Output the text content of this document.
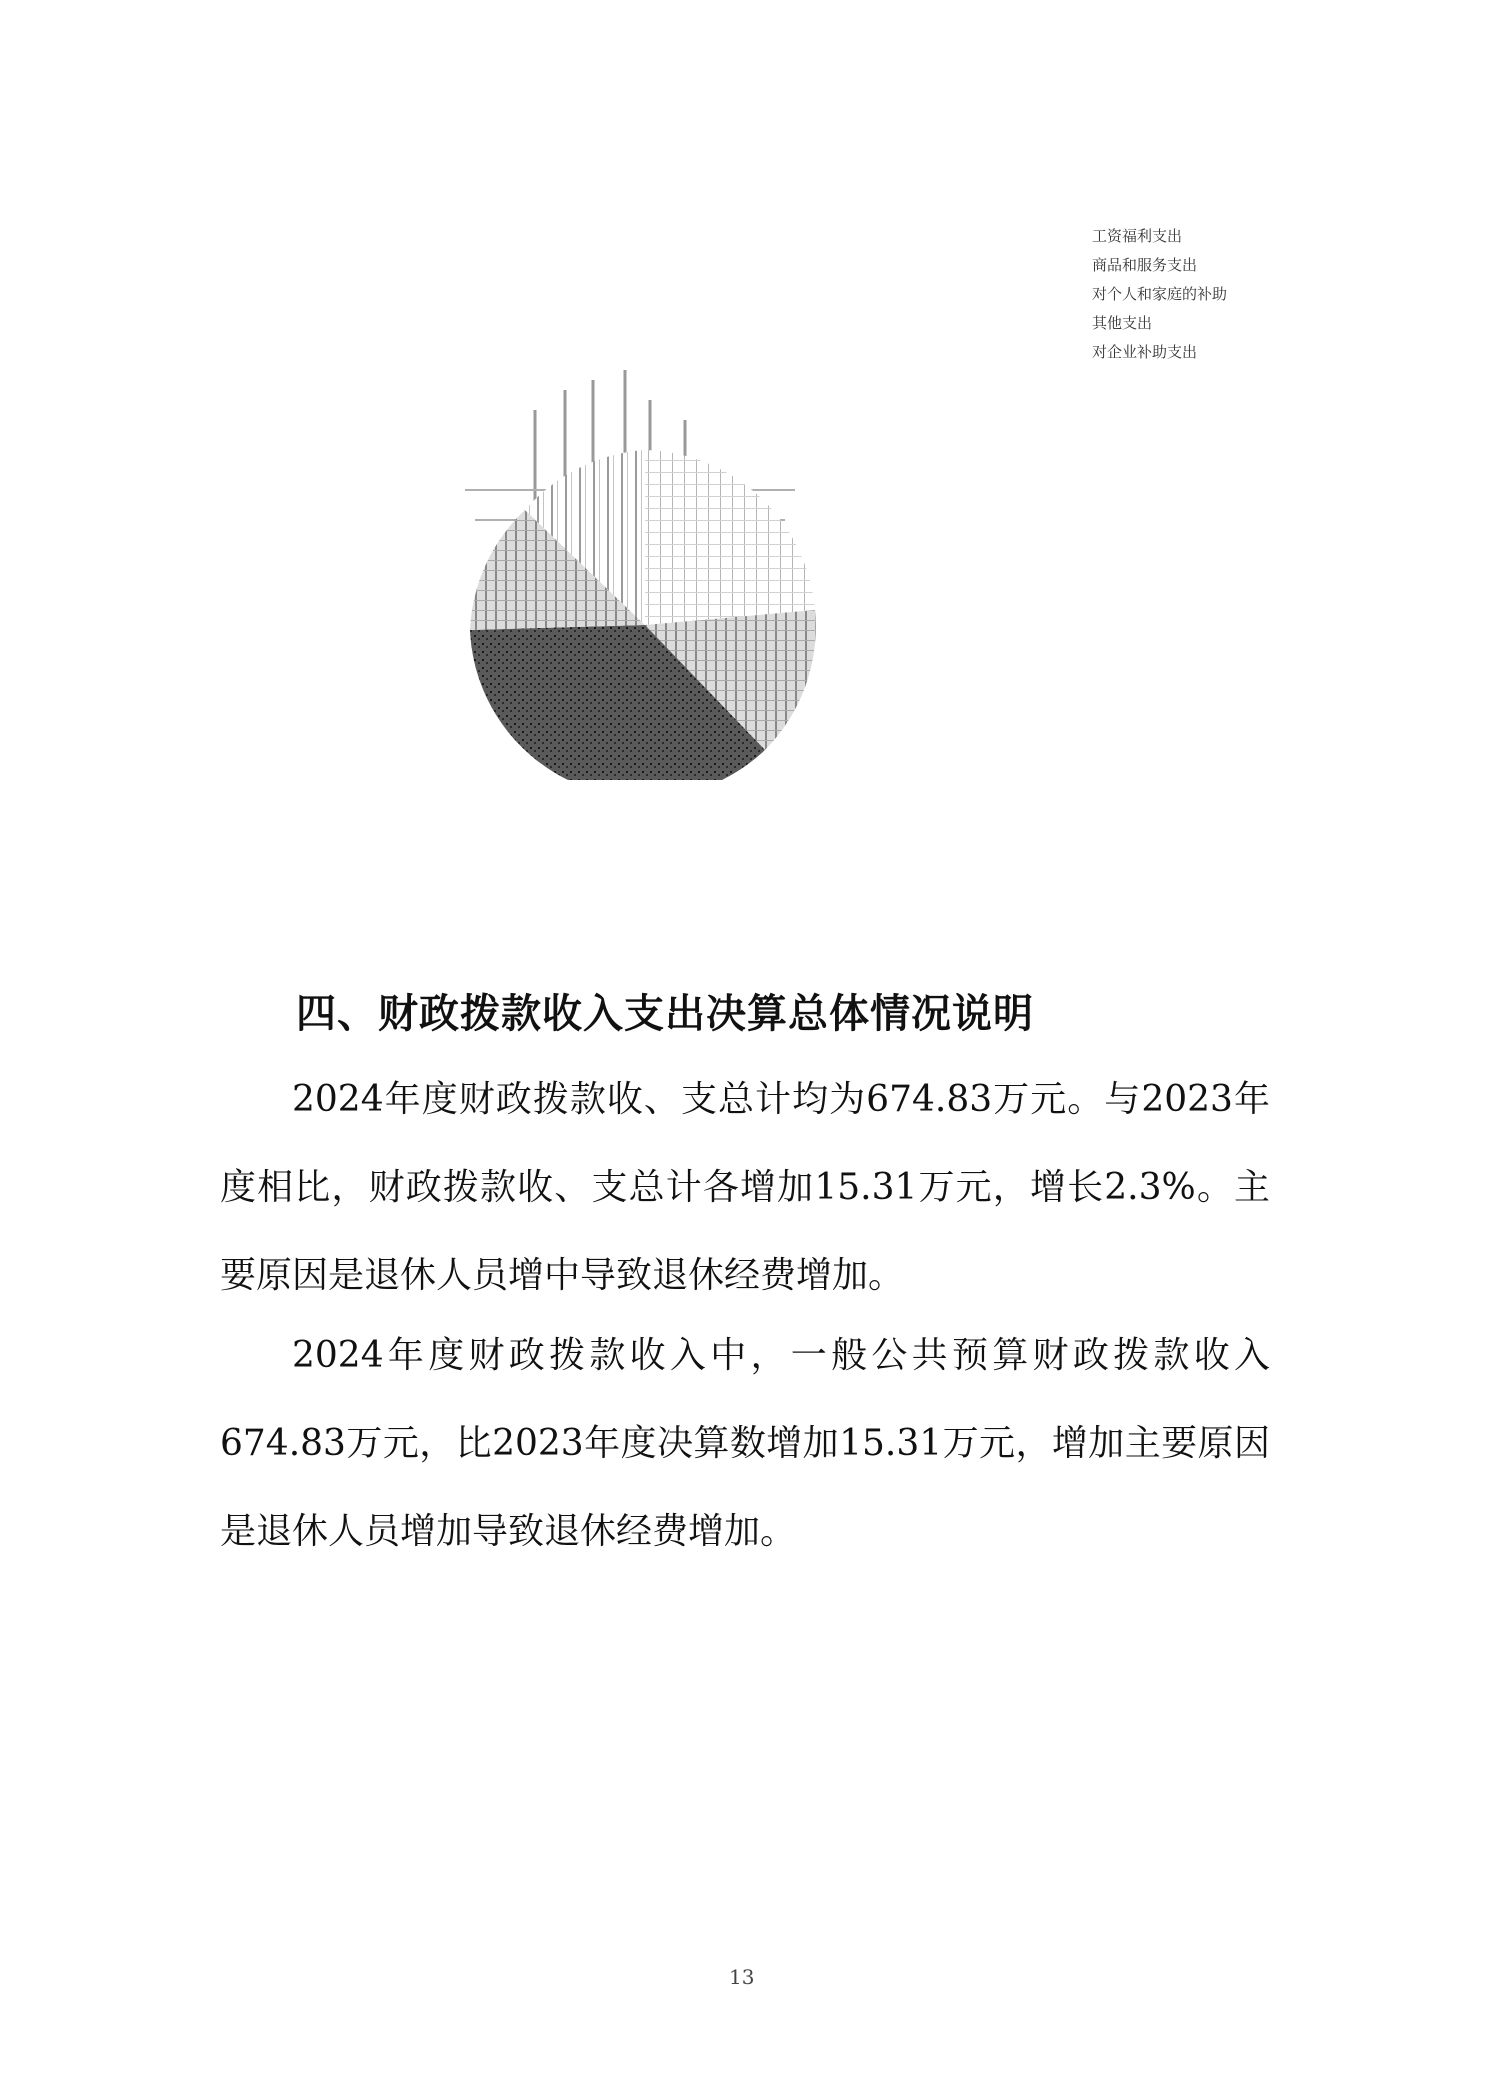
工资福利支出
商品和服务支出
对个人和家庭的补助
其他支出
对企业补助支出
四、财政拨款收入支出决算总体情况说明

2024年度财政拨款收、支总计均为674.83万元。与2023年度相比，财政拨款收、支总计各增加15.31万元，增长2.3%。主要原因是退休人员增中导致退休经费增加。

2024年度财政拨款收入中，一般公共预算财政拨款收入674.83万元，比2023年度决算数增加15.31万元，增加主要原因是退休人员增加导致退休经费增加。

13
